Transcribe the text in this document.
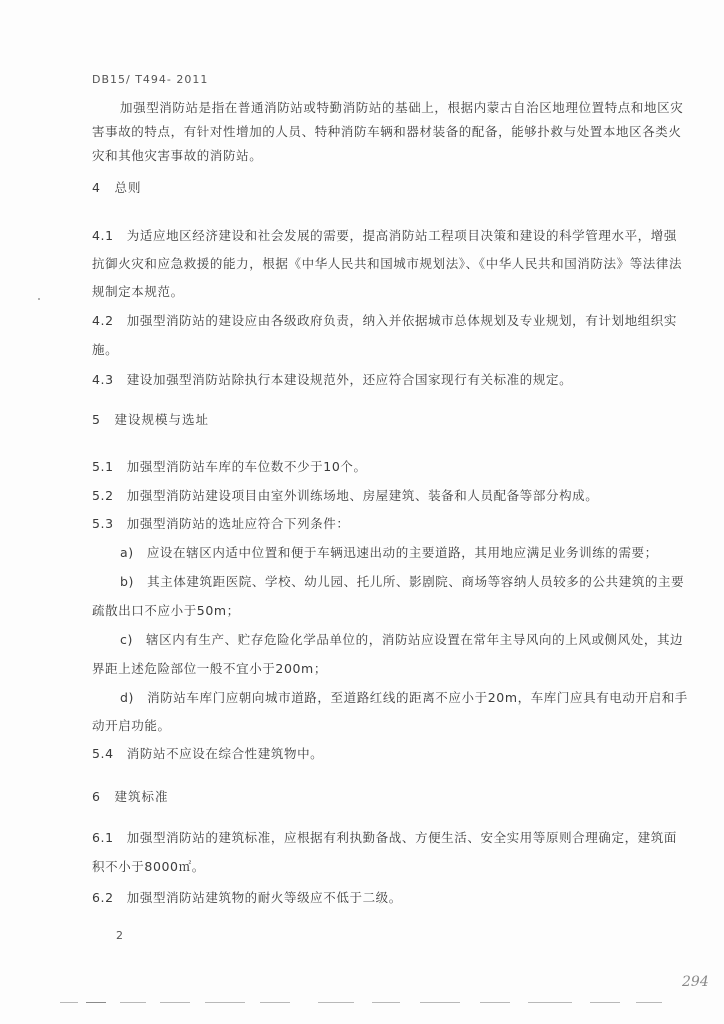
DB15/ T494- 2011
加强型消防站是指在普通消防站或特勤消防站的基础上，根据内蒙古自治区地理位置特点和地区灾
害事故的特点，有针对性增加的人员、特种消防车辆和器材装备的配备，能够扑救与处置本地区各类火
灾和其他灾害事故的消防站。
4　总则
4.1　为适应地区经济建设和社会发展的需要，提高消防站工程项目决策和建设的科学管理水平，增强
抗御火灾和应急救援的能力，根据《中华人民共和国城市规划法》、《中华人民共和国消防法》等法律法
规制定本规范。
4.2　加强型消防站的建设应由各级政府负责，纳入并依据城市总体规划及专业规划，有计划地组织实
施。
4.3　建设加强型消防站除执行本建设规范外，还应符合国家现行有关标准的规定。
5　建设规模与选址
5.1　加强型消防站车库的车位数不少于10个。
5.2　加强型消防站建设项目由室外训练场地、房屋建筑、装备和人员配备等部分构成。
5.3　加强型消防站的选址应符合下列条件：
a)　应设在辖区内适中位置和便于车辆迅速出动的主要道路，其用地应满足业务训练的需要；
b)　其主体建筑距医院、学校、幼儿园、托儿所、影剧院、商场等容纳人员较多的公共建筑的主要
疏散出口不应小于50m；
c)　辖区内有生产、贮存危险化学品单位的，消防站应设置在常年主导风向的上风或侧风处，其边
界距上述危险部位一般不宜小于200m；
d)　消防站车库门应朝向城市道路，至道路红线的距离不应小于20m，车库门应具有电动开启和手
动开启功能。
5.4　消防站不应设在综合性建筑物中。
6　建筑标准
6.1　加强型消防站的建筑标准，应根据有利执勤备战、方便生活、安全实用等原则合理确定，建筑面
积不小于8000㎡。
6.2　加强型消防站建筑物的耐火等级应不低于二级。
2
294
